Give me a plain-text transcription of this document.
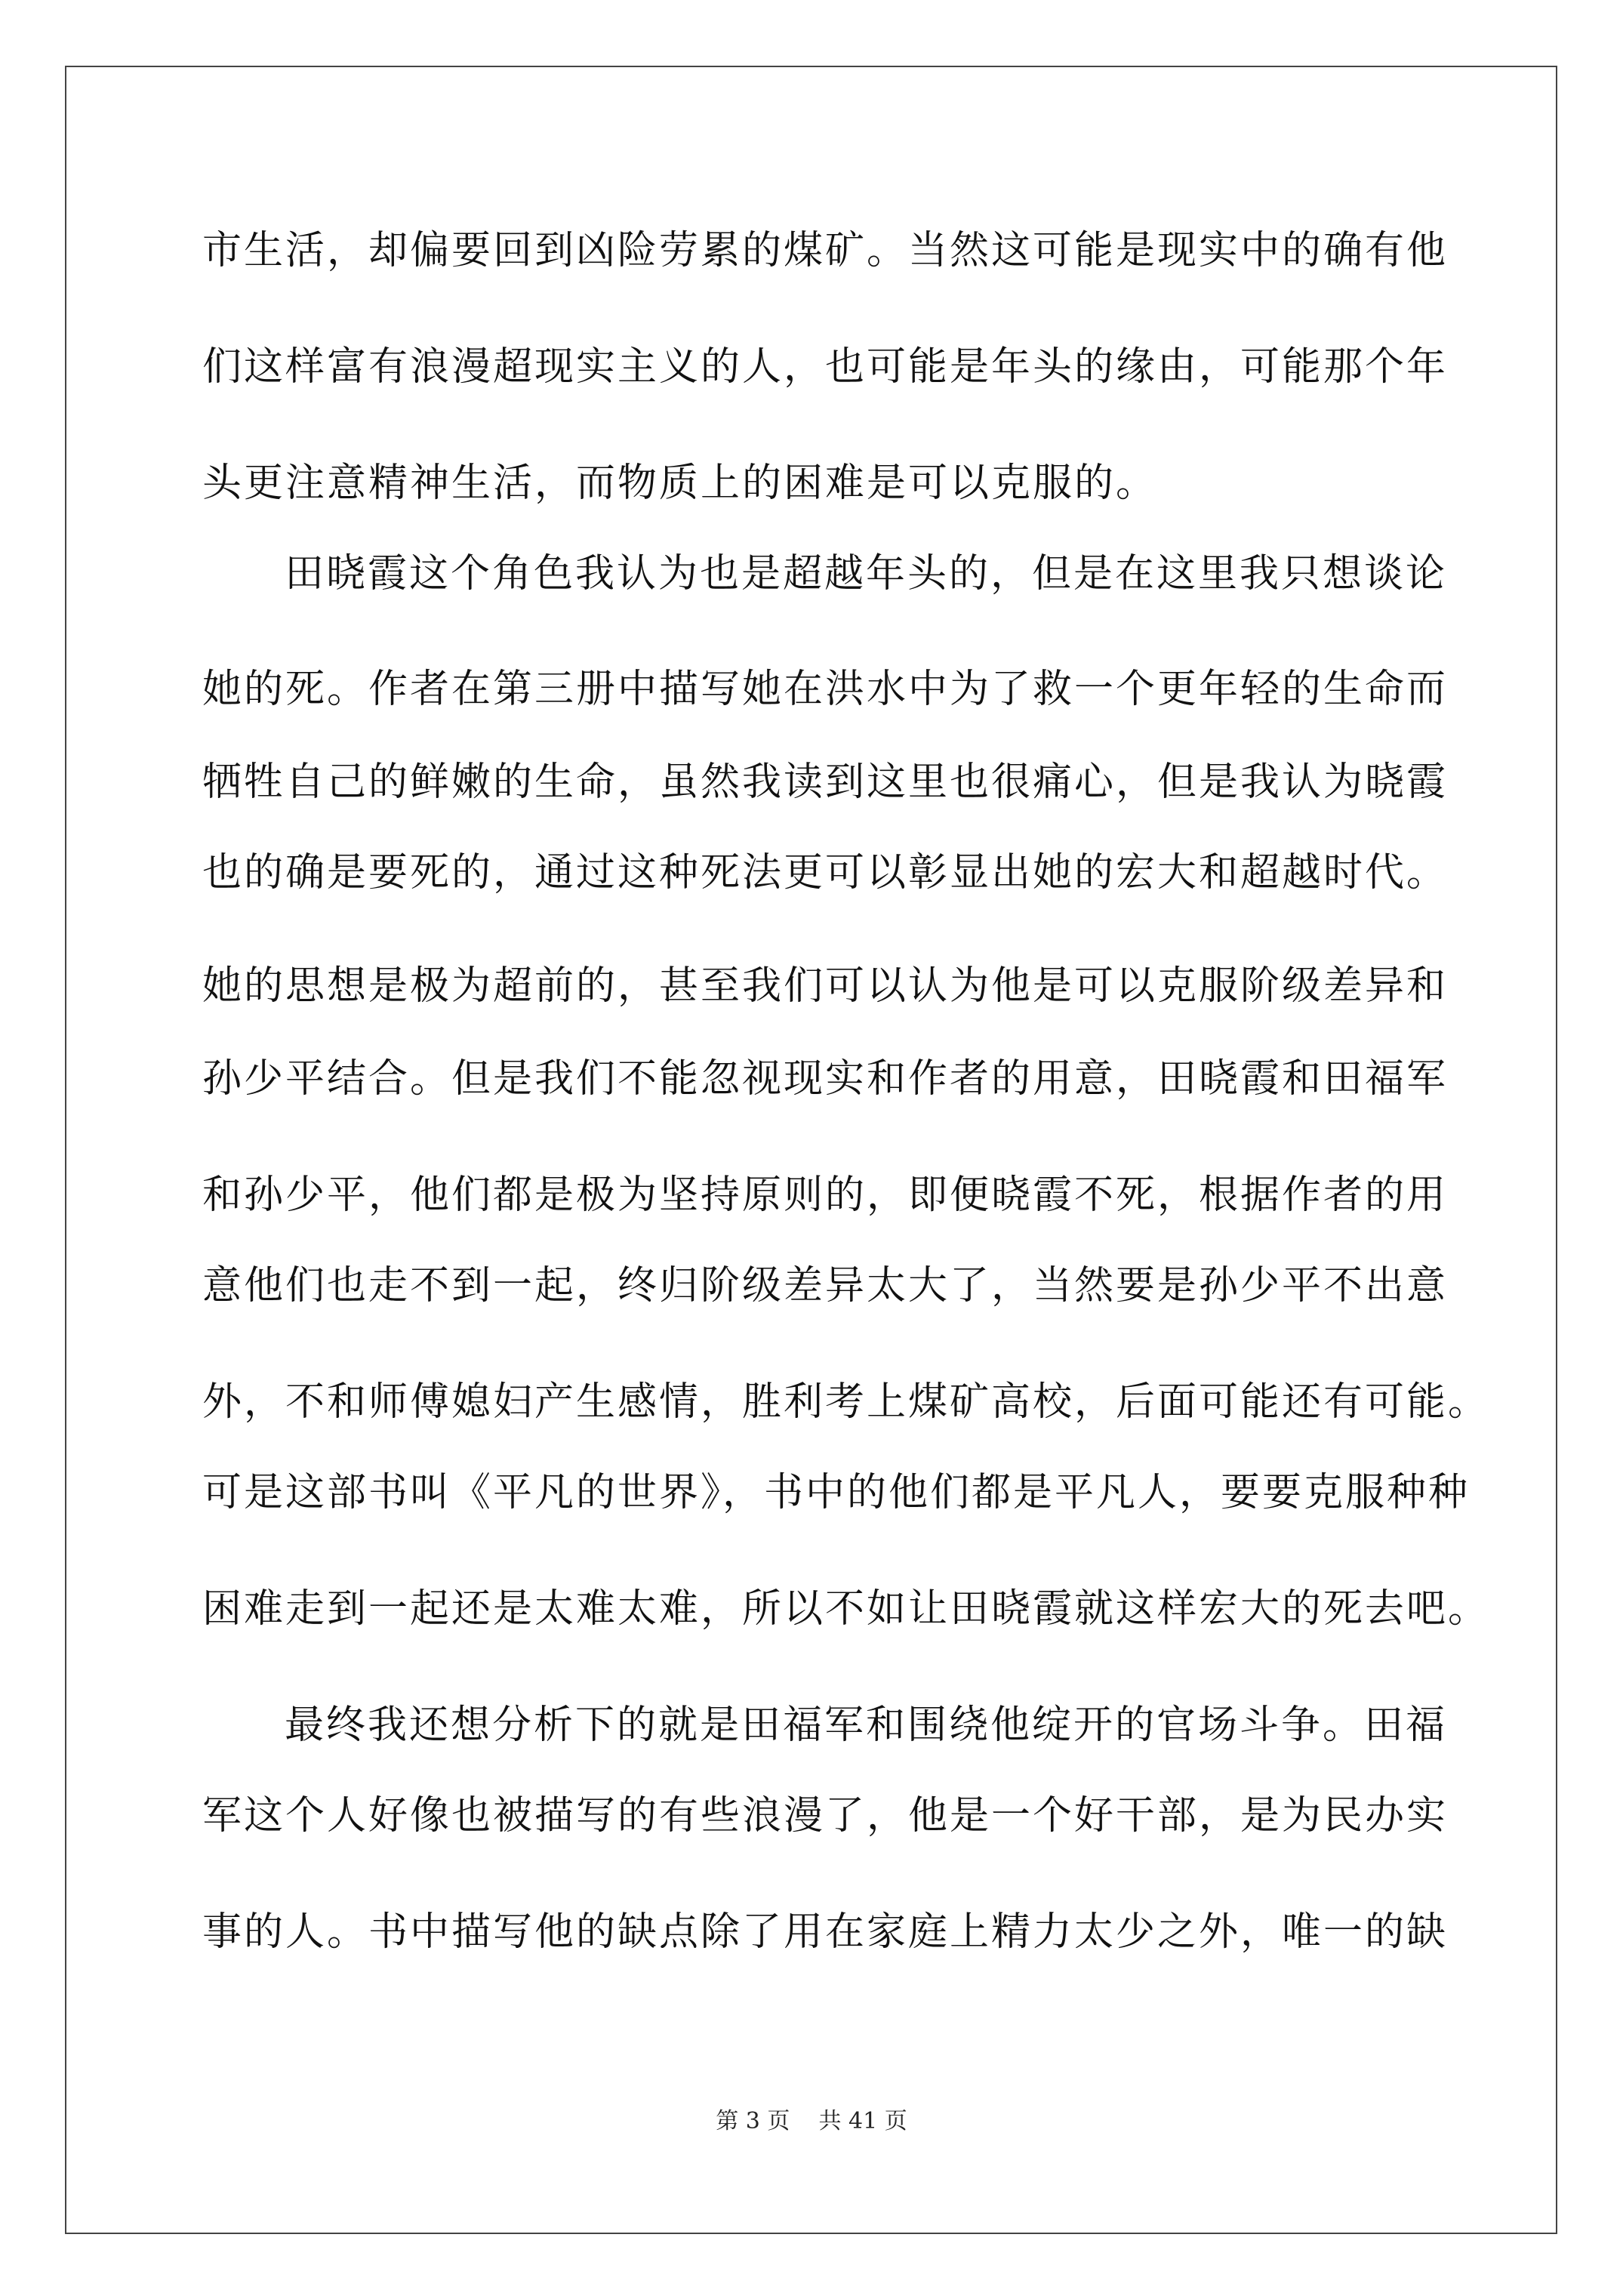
市生活，却偏要回到凶险劳累的煤矿。当然这可能是现实中的确有他
们这样富有浪漫超现实主义的人，也可能是年头的缘由，可能那个年
头更注意精神生活，而物质上的困难是可以克服的。
田晓霞这个角色我认为也是超越年头的，但是在这里我只想谈论
她的死。作者在第三册中描写她在洪水中为了救一个更年轻的生命而
牺牲自己的鲜嫩的生命，虽然我读到这里也很痛心，但是我认为晓霞
也的确是要死的，通过这种死法更可以彰显出她的宏大和超越时代。
她的思想是极为超前的，甚至我们可以认为他是可以克服阶级差异和
孙少平结合。但是我们不能忽视现实和作者的用意，田晓霞和田福军
和孙少平，他们都是极为坚持原则的，即便晓霞不死，根据作者的用
意他们也走不到一起，终归阶级差异太大了，当然要是孙少平不出意
外，不和师傅媳妇产生感情，胜利考上煤矿高校，后面可能还有可能。
可是这部书叫《平凡的世界》，书中的他们都是平凡人，要要克服种种
困难走到一起还是太难太难，所以不如让田晓霞就这样宏大的死去吧。
最终我还想分析下的就是田福军和围绕他绽开的官场斗争。田福
军这个人好像也被描写的有些浪漫了，他是一个好干部，是为民办实
事的人。书中描写他的缺点除了用在家庭上精力太少之外，唯一的缺
第 3 页    共 41 页
